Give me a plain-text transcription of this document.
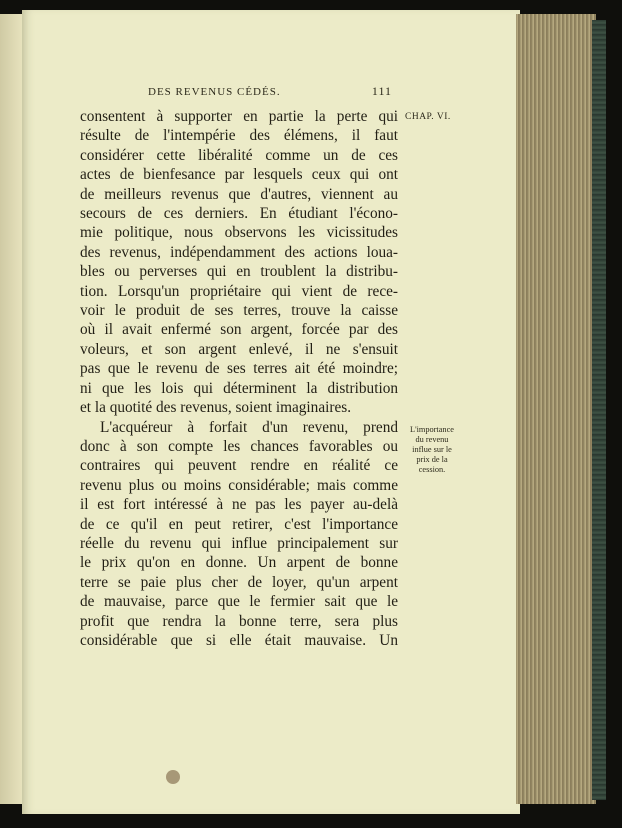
DES REVENUS CÉDÉS.	111
CHAP. VI.
L'importance
du revenu
influe sur le
prix de la
cession.
consentent à supporter en partie la perte qui
résulte de l'intempérie des élémens, il faut
considérer cette libéralité comme un de ces
actes de bienfesance par lesquels ceux qui ont
de meilleurs revenus que d'autres, viennent au
secours de ces derniers. En étudiant l'écono-
mie politique, nous observons les vicissitudes
des revenus, indépendamment des actions loua-
bles ou perverses qui en troublent la distribu-
tion. Lorsqu'un propriétaire qui vient de rece-
voir le produit de ses terres, trouve la caisse
où il avait enfermé son argent, forcée par des
voleurs, et son argent enlevé, il ne s'ensuit
pas que le revenu de ses terres ait été moindre;
ni que les lois qui déterminent la distribution
et la quotité des revenus, soient imaginaires.
L'acquéreur à forfait d'un revenu, prend
donc à son compte les chances favorables ou
contraires qui peuvent rendre en réalité ce
revenu plus ou moins considérable; mais comme
il est fort intéressé à ne pas les payer au-delà
de ce qu'il en peut retirer, c'est l'importance
réelle du revenu qui influe principalement sur
le prix qu'on en donne. Un arpent de bonne
terre se paie plus cher de loyer, qu'un arpent
de mauvaise, parce que le fermier sait que le
profit que rendra la bonne terre, sera plus
considérable que si elle était mauvaise. Un
